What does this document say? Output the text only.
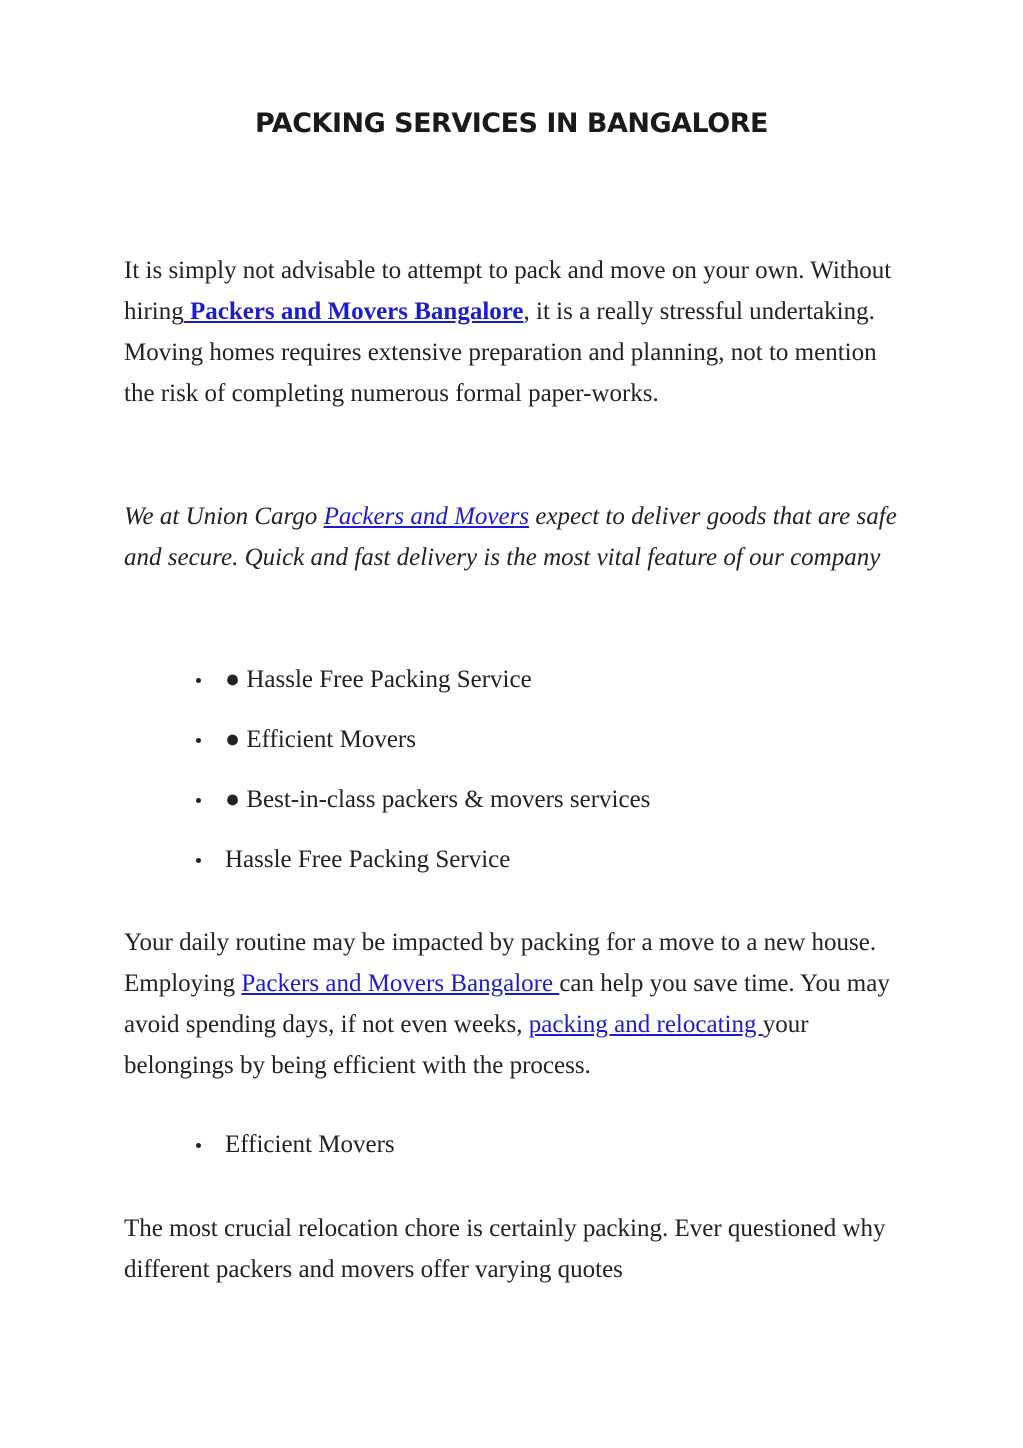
PACKING SERVICES IN BANGALORE

It is simply not advisable to attempt to pack and move on your own. Without hiring Packers and Movers Bangalore, it is a really stressful undertaking. Moving homes requires extensive preparation and planning, not to mention the risk of completing numerous formal paper-works.

We at Union Cargo Packers and Movers expect to deliver goods that are safe and secure. Quick and fast delivery is the most vital feature of our company

● Hassle Free Packing Service
● Efficient Movers
● Best-in-class packers & movers services
Hassle Free Packing Service

Your daily routine may be impacted by packing for a move to a new house. Employing Packers and Movers Bangalore can help you save time. You may avoid spending days, if not even weeks, packing and relocating your belongings by being efficient with the process.

Efficient Movers

The most crucial relocation chore is certainly packing. Ever questioned why different packers and movers offer varying quotes
